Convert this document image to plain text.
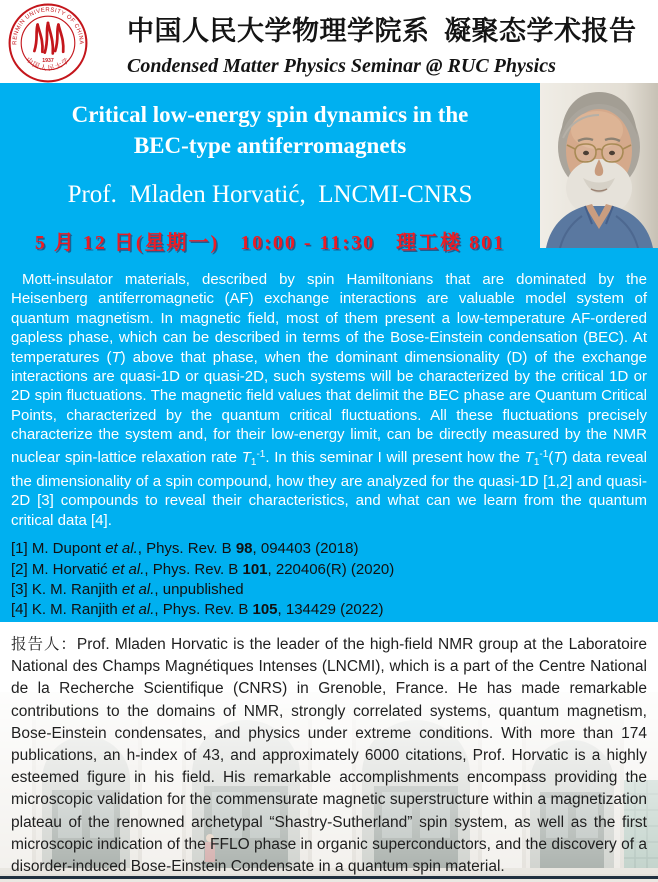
RENMIN UNIVERSITY OF CHINA
中国人民大学
1937
中国人民大学物理学院系  凝聚态学术报告
Condensed Matter Physics Seminar @ RUC Physics
Critical low-energy spin dynamics in the
BEC-type antiferromagnets
Prof.  Mladen Horvatić,  LNCMI-CNRS
5 月 12 日(星期一)   10:00 - 11:30   理工楼 801

Mott-insulator materials, described by spin Hamiltonians that are dominated by the Heisenberg antiferromagnetic (AF) exchange interactions are valuable model system of quantum magnetism. In magnetic field, most of them present a low-temperature AF-ordered gapless phase, which can be described in terms of the Bose-Einstein condensation (BEC). At temperatures (T) above that phase, when the dominant dimensionality (D) of the exchange interactions are quasi-1D or quasi-2D, such systems will be characterized by the critical 1D or 2D spin fluctuations. The magnetic field values that delimit the BEC phase are Quantum Critical Points, characterized by the quantum critical fluctuations. All these fluctuations precisely characterize the system and, for their low-energy limit, can be directly measured by the NMR nuclear spin-lattice relaxation rate $T_1^{-1}$. In this seminar I will present how the $T_1^{-1}(T)$ data reveal the dimensionality of a spin compound, how they are analyzed for the quasi-1D [1,2] and quasi-2D [3] compounds to reveal their characteristics, and what can we learn from the quantum critical data [4].

[1] M. Dupont et al., Phys. Rev. B 98, 094403 (2018)
[2] M. Horvatić et al., Phys. Rev. B 101, 220406(R) (2020)
[3] K. M. Ranjith et al., unpublished
[4] K. M. Ranjith et al., Phys. Rev. B 105, 134429 (2022)

报告人：Prof. Mladen Horvatic is the leader of the high-field NMR group at the Laboratoire National des Champs Magnétiques Intenses (LNCMI), which is a part of the Centre National de la Recherche Scientifique (CNRS) in Grenoble, France. He has made remarkable contributions to the domains of NMR, strongly correlated systems, quantum magnetism, Bose-Einstein condensates, and physics under extreme conditions. With more than 174 publications, an h-index of 43, and approximately 6000 citations, Prof. Horvatic is a highly esteemed figure in his field. His remarkable accomplishments encompass providing the microscopic validation for the commensurate magnetic superstructure within a magnetization plateau of the renowned archetypal “Shastry-Sutherland” spin system, as well as the first microscopic indication of the FFLO phase in organic superconductors, and the discovery of a disorder-induced Bose-Einstein Condensate in a quantum spin material.
